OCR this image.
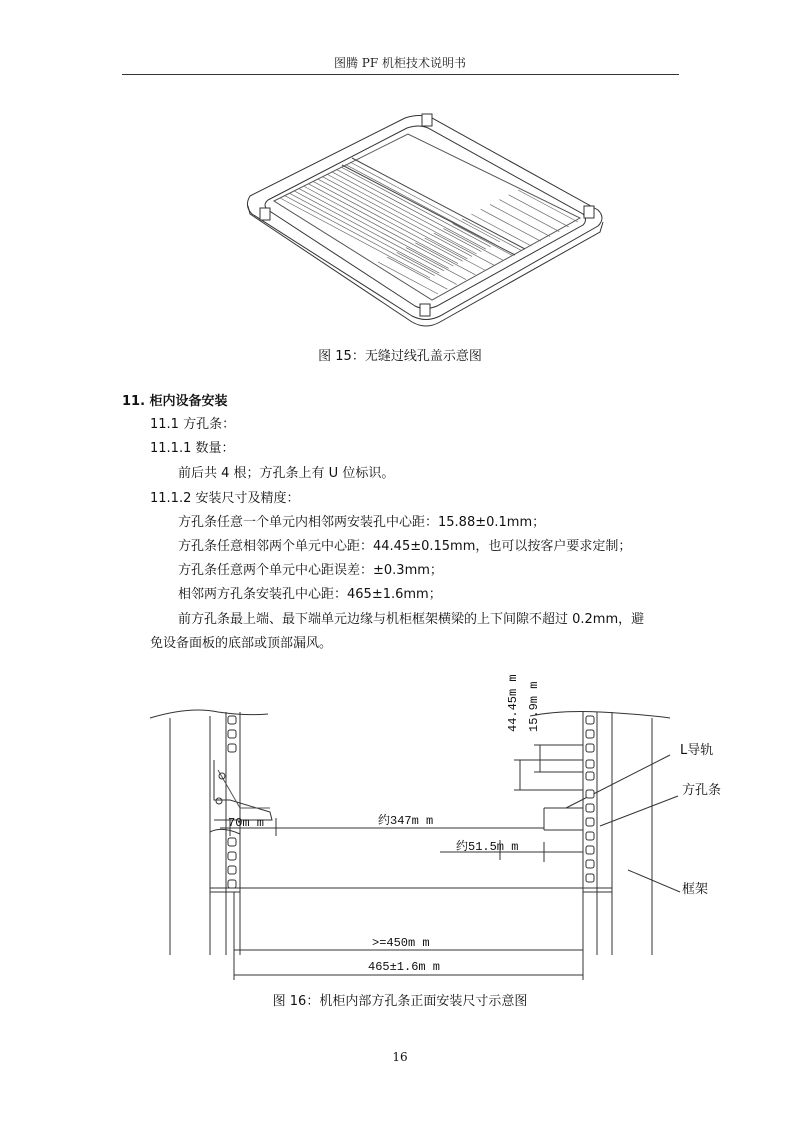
图腾 PF 机柜技术说明书
图 15：无缝过线孔盖示意图
11. 柜内设备安装
11.1 方孔条：
11.1.1 数量：
前后共 4 根；方孔条上有 U 位标识。
11.1.2 安装尺寸及精度：
方孔条任意一个单元内相邻两安装孔中心距：15.88±0.1mm；
方孔条任意相邻两个单元中心距：44.45±0.15mm，也可以按客户要求定制；
方孔条任意两个单元中心距误差：±0.3mm；
相邻两方孔条安装孔中心距：465±1.6mm；
前方孔条最上端、最下端单元边缘与机柜框架横梁的上下间隙不超过 0.2mm，避
免设备面板的底部或顶部漏风。
44.45m m 15.9m m
70m m	约347m m
约51.5m m
>=450m m
465±1.6m m
L导轨
方孔条
框架
图 16：机柜内部方孔条正面安装尺寸示意图
16
